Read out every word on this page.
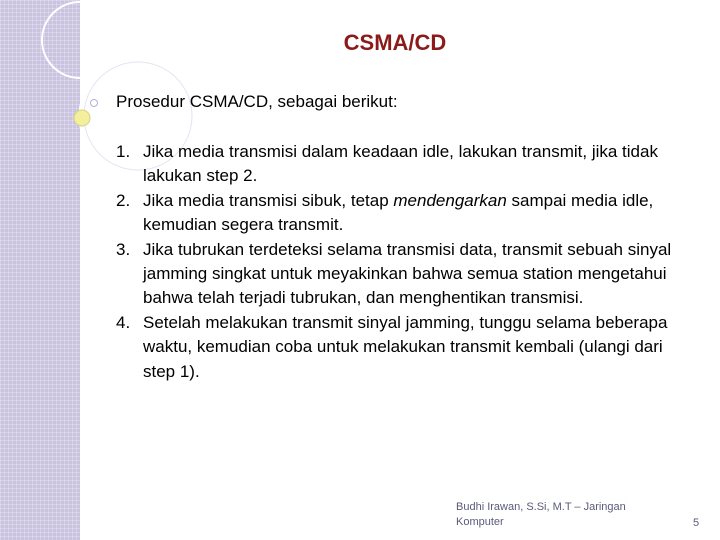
CSMA/CD
Prosedur CSMA/CD, sebagai berikut:
1. Jika media transmisi dalam keadaan idle, lakukan transmit, jika tidak lakukan step 2.
2. Jika media transmisi sibuk, tetap mendengarkan sampai media idle, kemudian segera transmit.
3. Jika tubrukan terdeteksi selama transmisi data, transmit sebuah sinyal jamming singkat untuk meyakinkan bahwa semua station mengetahui bahwa telah terjadi tubrukan, dan menghentikan transmisi.
4. Setelah melakukan transmit sinyal jamming, tunggu selama beberapa waktu, kemudian coba untuk melakukan transmit kembali (ulangi dari step 1).
Budhi Irawan, S.Si, M.T – Jaringan Komputer	5
